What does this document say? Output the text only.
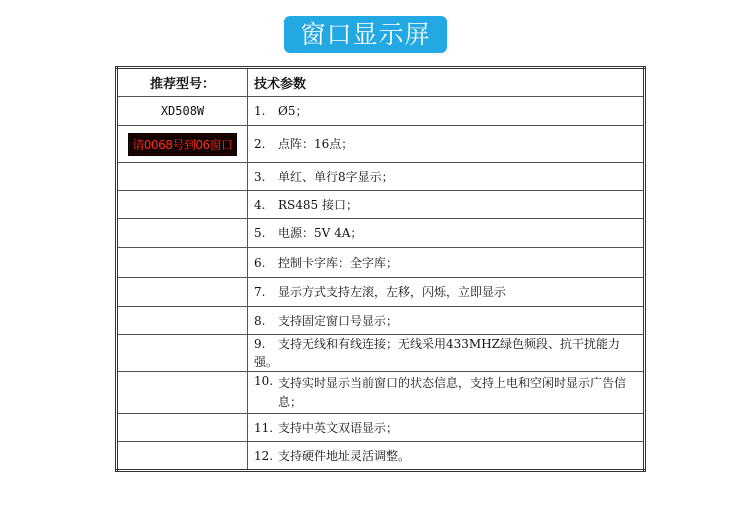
窗口显示屏
推荐型号：	技术参数
XD508W	1. Ø5；
请0068号到06窗口	2. 点阵：16点；
	3. 单红、单行8字显示；
	4. RS485 接口；
	5. 电源：5V 4A；
	6. 控制卡字库：全字库；
	7. 显示方式支持左滚，左移，闪烁，立即显示
	8. 支持固定窗口号显示；
	9. 支持无线和有线连接；无线采用433MHZ绿色频段、抗干扰能力强。

	10. 支持实时显示当前窗口的状态信息，支持上电和空闲时显示广告信息；

	11. 支持中英文双语显示；
	12. 支持硬件地址灵活调整。
